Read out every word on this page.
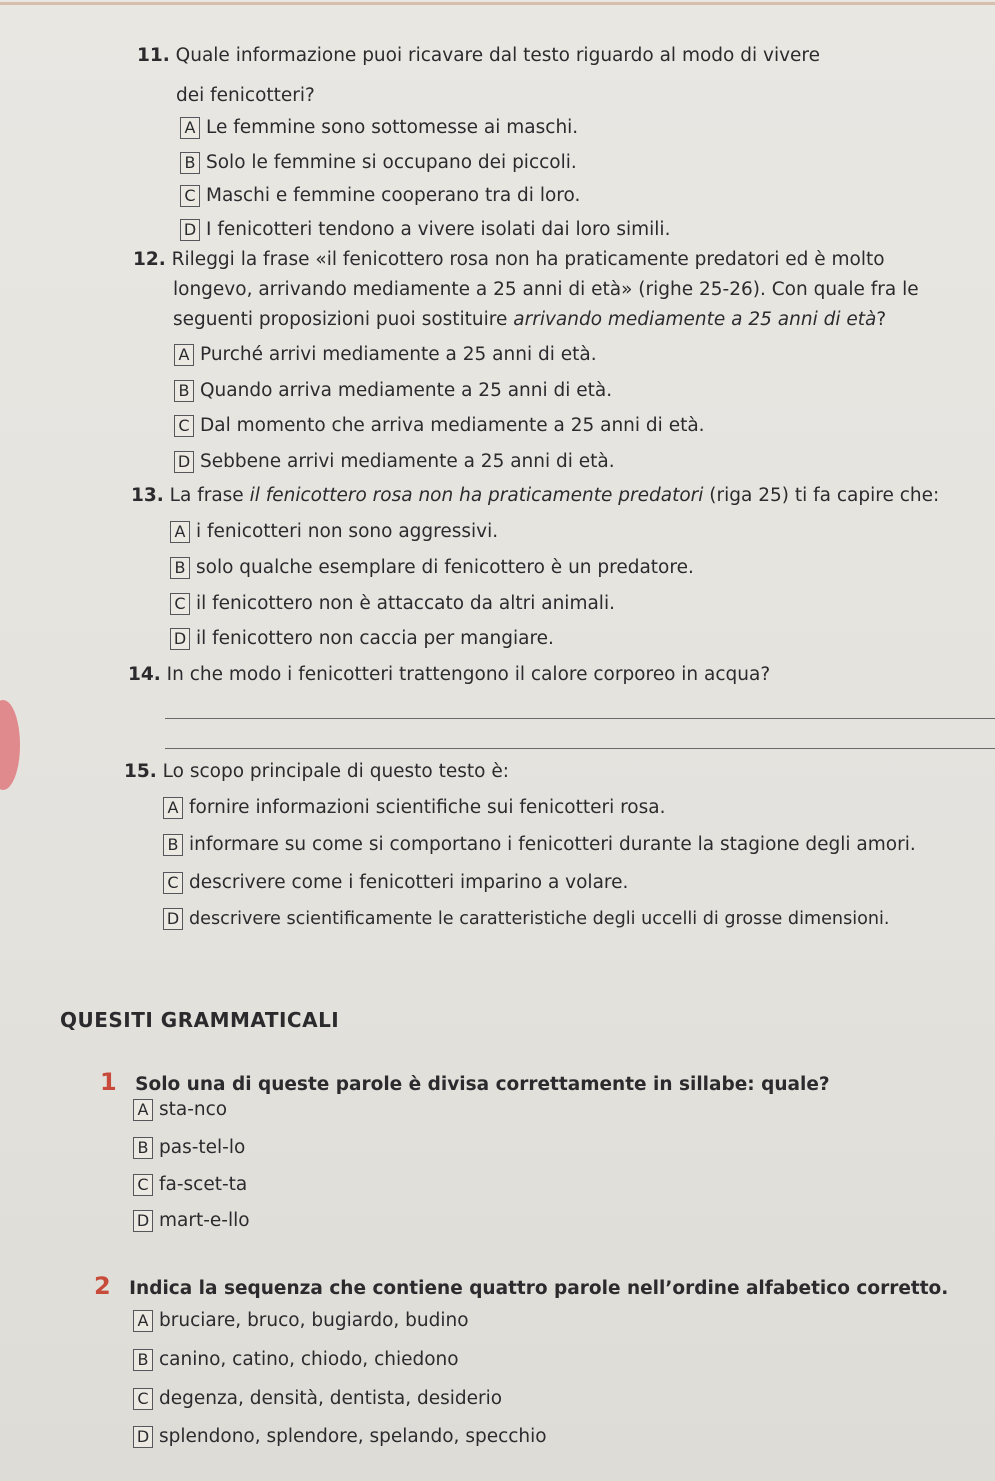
11. Quale informazione puoi ricavare dal testo riguardo al modo di vivere
dei fenicotteri?
A Le femmine sono sottomesse ai maschi.
B Solo le femmine si occupano dei piccoli.
C Maschi e femmine cooperano tra di loro.
D I fenicotteri tendono a vivere isolati dai loro simili.
12. Rileggi la frase «il fenicottero rosa non ha praticamente predatori ed è molto
longevo, arrivando mediamente a 25 anni di età» (righe 25-26). Con quale fra le
seguenti proposizioni puoi sostituire arrivando mediamente a 25 anni di età?
A Purché arrivi mediamente a 25 anni di età.
B Quando arriva mediamente a 25 anni di età.
C Dal momento che arriva mediamente a 25 anni di età.
D Sebbene arrivi mediamente a 25 anni di età.
13. La frase il fenicottero rosa non ha praticamente predatori (riga 25) ti fa capire che:
A i fenicotteri non sono aggressivi.
B solo qualche esemplare di fenicottero è un predatore.
C il fenicottero non è attaccato da altri animali.
D il fenicottero non caccia per mangiare.
14. In che modo i fenicotteri trattengono il calore corporeo in acqua?
15. Lo scopo principale di questo testo è:
A fornire informazioni scientifiche sui fenicotteri rosa.
B informare su come si comportano i fenicotteri durante la stagione degli amori.
C descrivere come i fenicotteri imparino a volare.
D descrivere scientificamente le caratteristiche degli uccelli di grosse dimensioni.
QUESITI GRAMMATICALI
1 Solo una di queste parole è divisa correttamente in sillabe: quale?
A sta-nco
B pas-tel-lo
C fa-scet-ta
D mart-e-llo
2 Indica la sequenza che contiene quattro parole nell’ordine alfabetico corretto.
A bruciare, bruco, bugiardo, budino
B canino, catino, chiodo, chiedono
C degenza, densità, dentista, desiderio
D splendono, splendore, spelando, specchio
